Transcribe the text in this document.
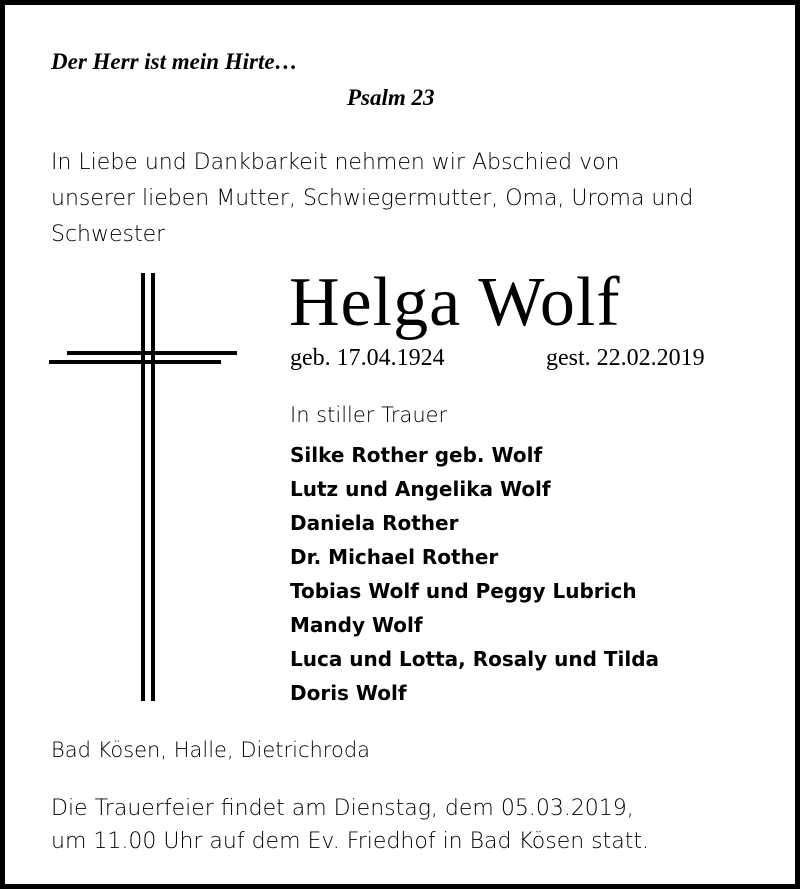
Der Herr ist mein Hirte…
Psalm 23
In Liebe und Dankbarkeit nehmen wir Abschied von
unserer lieben Mutter, Schwiegermutter, Oma, Uroma und
Schwester
Helga Wolf
geb. 17.04.1924	gest. 22.02.2019
In stiller Trauer
Silke Rother geb. Wolf
Lutz und Angelika Wolf
Daniela Rother
Dr. Michael Rother
Tobias Wolf und Peggy Lubrich
Mandy Wolf
Luca und Lotta, Rosaly und Tilda
Doris Wolf
Bad Kösen, Halle, Dietrichroda
Die Trauerfeier findet am Dienstag, dem 05.03.2019,
um 11.00 Uhr auf dem Ev. Friedhof in Bad Kösen statt.
